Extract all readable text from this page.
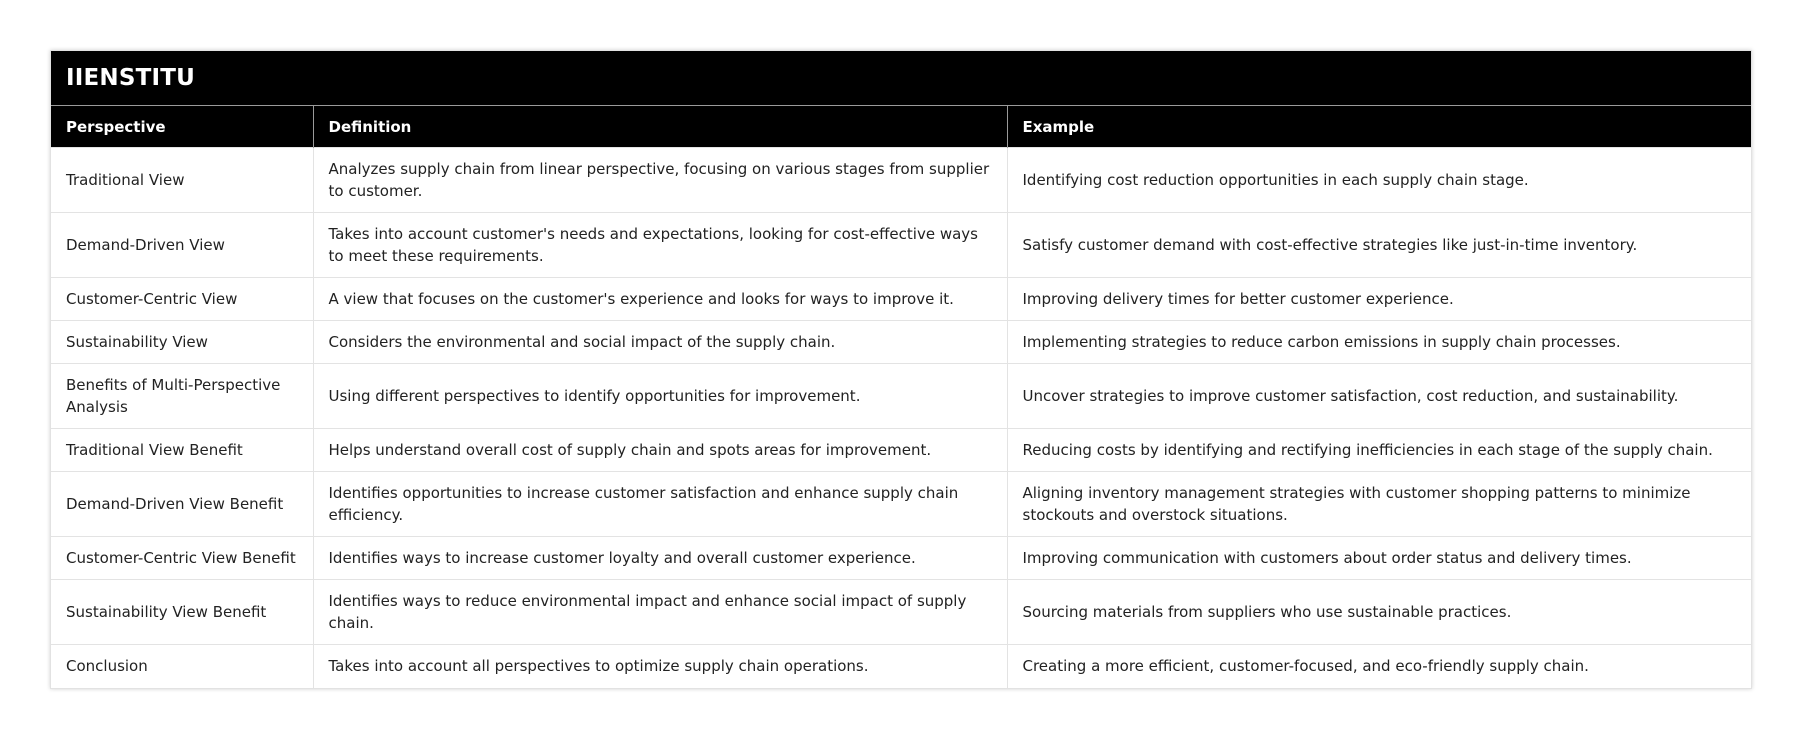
IIENSTITU
Perspective	Definition	Example
Traditional View	Analyzes supply chain from linear perspective, focusing on various stages from supplier to customer.	Identifying cost reduction opportunities in each supply chain stage.
Demand-Driven View	Takes into account customer's needs and expectations, looking for cost-effective ways to meet these requirements.	Satisfy customer demand with cost-effective strategies like just-in-time inventory.
Customer-Centric View	A view that focuses on the customer's experience and looks for ways to improve it.	Improving delivery times for better customer experience.
Sustainability View	Considers the environmental and social impact of the supply chain.	Implementing strategies to reduce carbon emissions in supply chain processes.
Benefits of Multi-Perspective Analysis	Using different perspectives to identify opportunities for improvement.	Uncover strategies to improve customer satisfaction, cost reduction, and sustainability.
Traditional View Benefit	Helps understand overall cost of supply chain and spots areas for improvement.	Reducing costs by identifying and rectifying inefficiencies in each stage of the supply chain.
Demand-Driven View Benefit	Identifies opportunities to increase customer satisfaction and enhance supply chain efficiency.	Aligning inventory management strategies with customer shopping patterns to minimize stockouts and overstock situations.
Customer-Centric View Benefit	Identifies ways to increase customer loyalty and overall customer experience.	Improving communication with customers about order status and delivery times.
Sustainability View Benefit	Identifies ways to reduce environmental impact and enhance social impact of supply chain.	Sourcing materials from suppliers who use sustainable practices.
Conclusion	Takes into account all perspectives to optimize supply chain operations.	Creating a more efficient, customer-focused, and eco-friendly supply chain.
